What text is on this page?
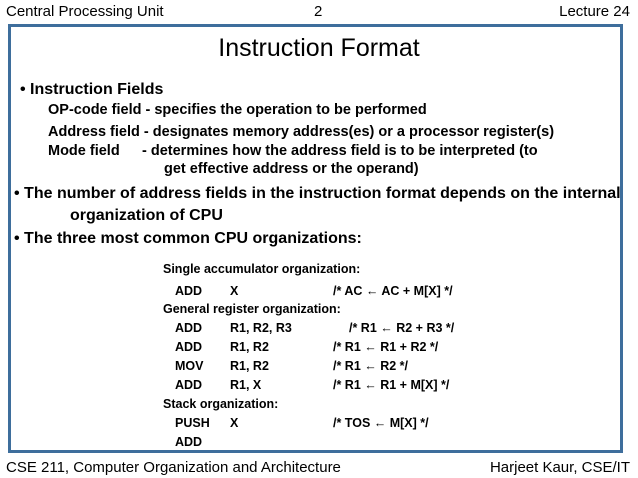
Central Processing Unit	2	Lecture 24
Instruction Format
• Instruction Fields
OP-code field - specifies the operation to be performed
Address field - designates memory address(es) or a processor register(s)
Mode field - determines how the address field is to be interpreted (to
get effective address or the operand)
• The number of address fields in the instruction format depends on the internal
organization of CPU
• The three most common CPU organizations:
Single accumulator organization:
ADD X	/* AC ← AC + M[X] */
General register organization:
ADD R1, R2, R3	/* R1 ← R2 + R3 */
ADD R1, R2	/* R1 ← R1 + R2 */
MOV R1, R2	/* R1 ← R2 */
ADD R1, X	/* R1 ← R1 + M[X] */
Stack organization:
PUSH X	/* TOS ← M[X] */
ADD
CSE 211, Computer Organization and Architecture	Harjeet Kaur, CSE/IT
